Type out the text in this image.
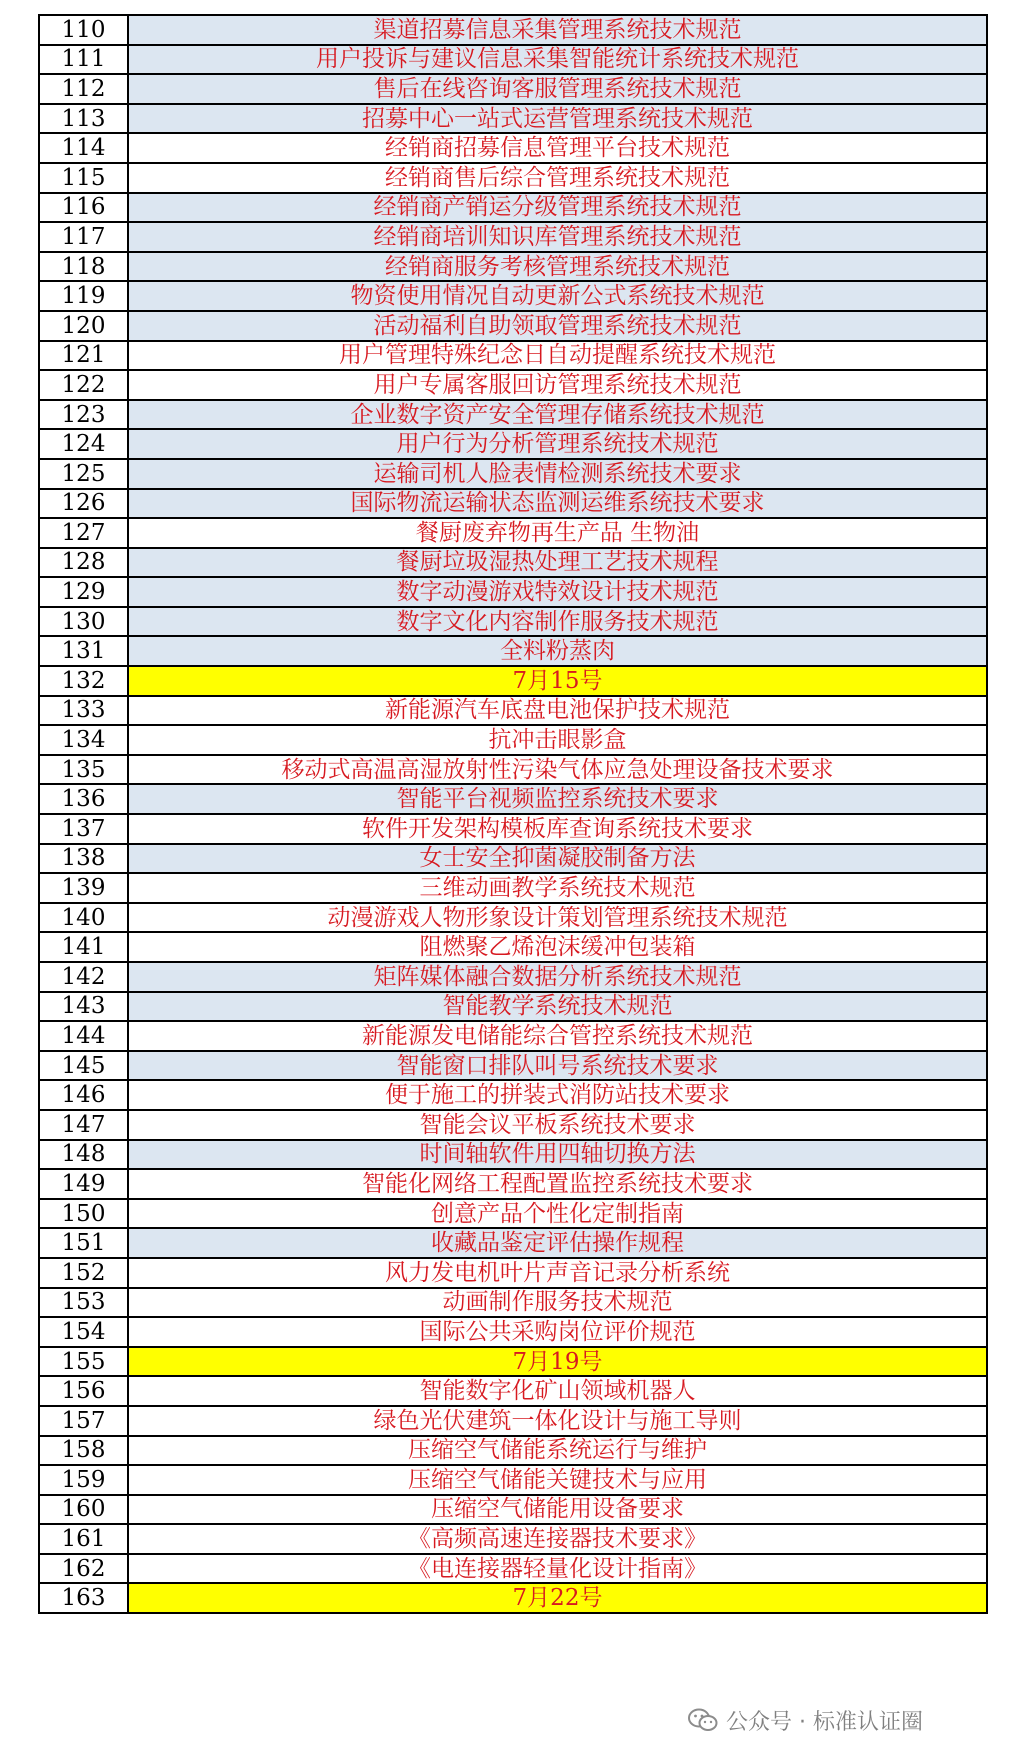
110	渠道招募信息采集管理系统技术规范
111	用户投诉与建议信息采集智能统计系统技术规范
112	售后在线咨询客服管理系统技术规范
113	招募中心一站式运营管理系统技术规范
114	经销商招募信息管理平台技术规范
115	经销商售后综合管理系统技术规范
116	经销商产销运分级管理系统技术规范
117	经销商培训知识库管理系统技术规范
118	经销商服务考核管理系统技术规范
119	物资使用情况自动更新公式系统技术规范
120	活动福利自助领取管理系统技术规范
121	用户管理特殊纪念日自动提醒系统技术规范
122	用户专属客服回访管理系统技术规范
123	企业数字资产安全管理存储系统技术规范
124	用户行为分析管理系统技术规范
125	运输司机人脸表情检测系统技术要求
126	国际物流运输状态监测运维系统技术要求
127	餐厨废弃物再生产品 生物油
128	餐厨垃圾湿热处理工艺技术规程
129	数字动漫游戏特效设计技术规范
130	数字文化内容制作服务技术规范
131	全料粉蒸肉
132	7月15号
133	新能源汽车底盘电池保护技术规范
134	抗冲击眼影盒
135	移动式高温高湿放射性污染气体应急处理设备技术要求
136	智能平台视频监控系统技术要求
137	软件开发架构模板库查询系统技术要求
138	女士安全抑菌凝胶制备方法
139	三维动画教学系统技术规范
140	动漫游戏人物形象设计策划管理系统技术规范
141	阻燃聚乙烯泡沫缓冲包装箱
142	矩阵媒体融合数据分析系统技术规范
143	智能教学系统技术规范
144	新能源发电储能综合管控系统技术规范
145	智能窗口排队叫号系统技术要求
146	便于施工的拼装式消防站技术要求
147	智能会议平板系统技术要求
148	时间轴软件用四轴切换方法
149	智能化网络工程配置监控系统技术要求
150	创意产品个性化定制指南
151	收藏品鉴定评估操作规程
152	风力发电机叶片声音记录分析系统
153	动画制作服务技术规范
154	国际公共采购岗位评价规范
155	7月19号
156	智能数字化矿山领域机器人
157	绿色光伏建筑一体化设计与施工导则
158	压缩空气储能系统运行与维护
159	压缩空气储能关键技术与应用
160	压缩空气储能用设备要求
161	《高频高速连接器技术要求》
162	《电连接器轻量化设计指南》
163	7月22号
公众号 · 标准认证圈
